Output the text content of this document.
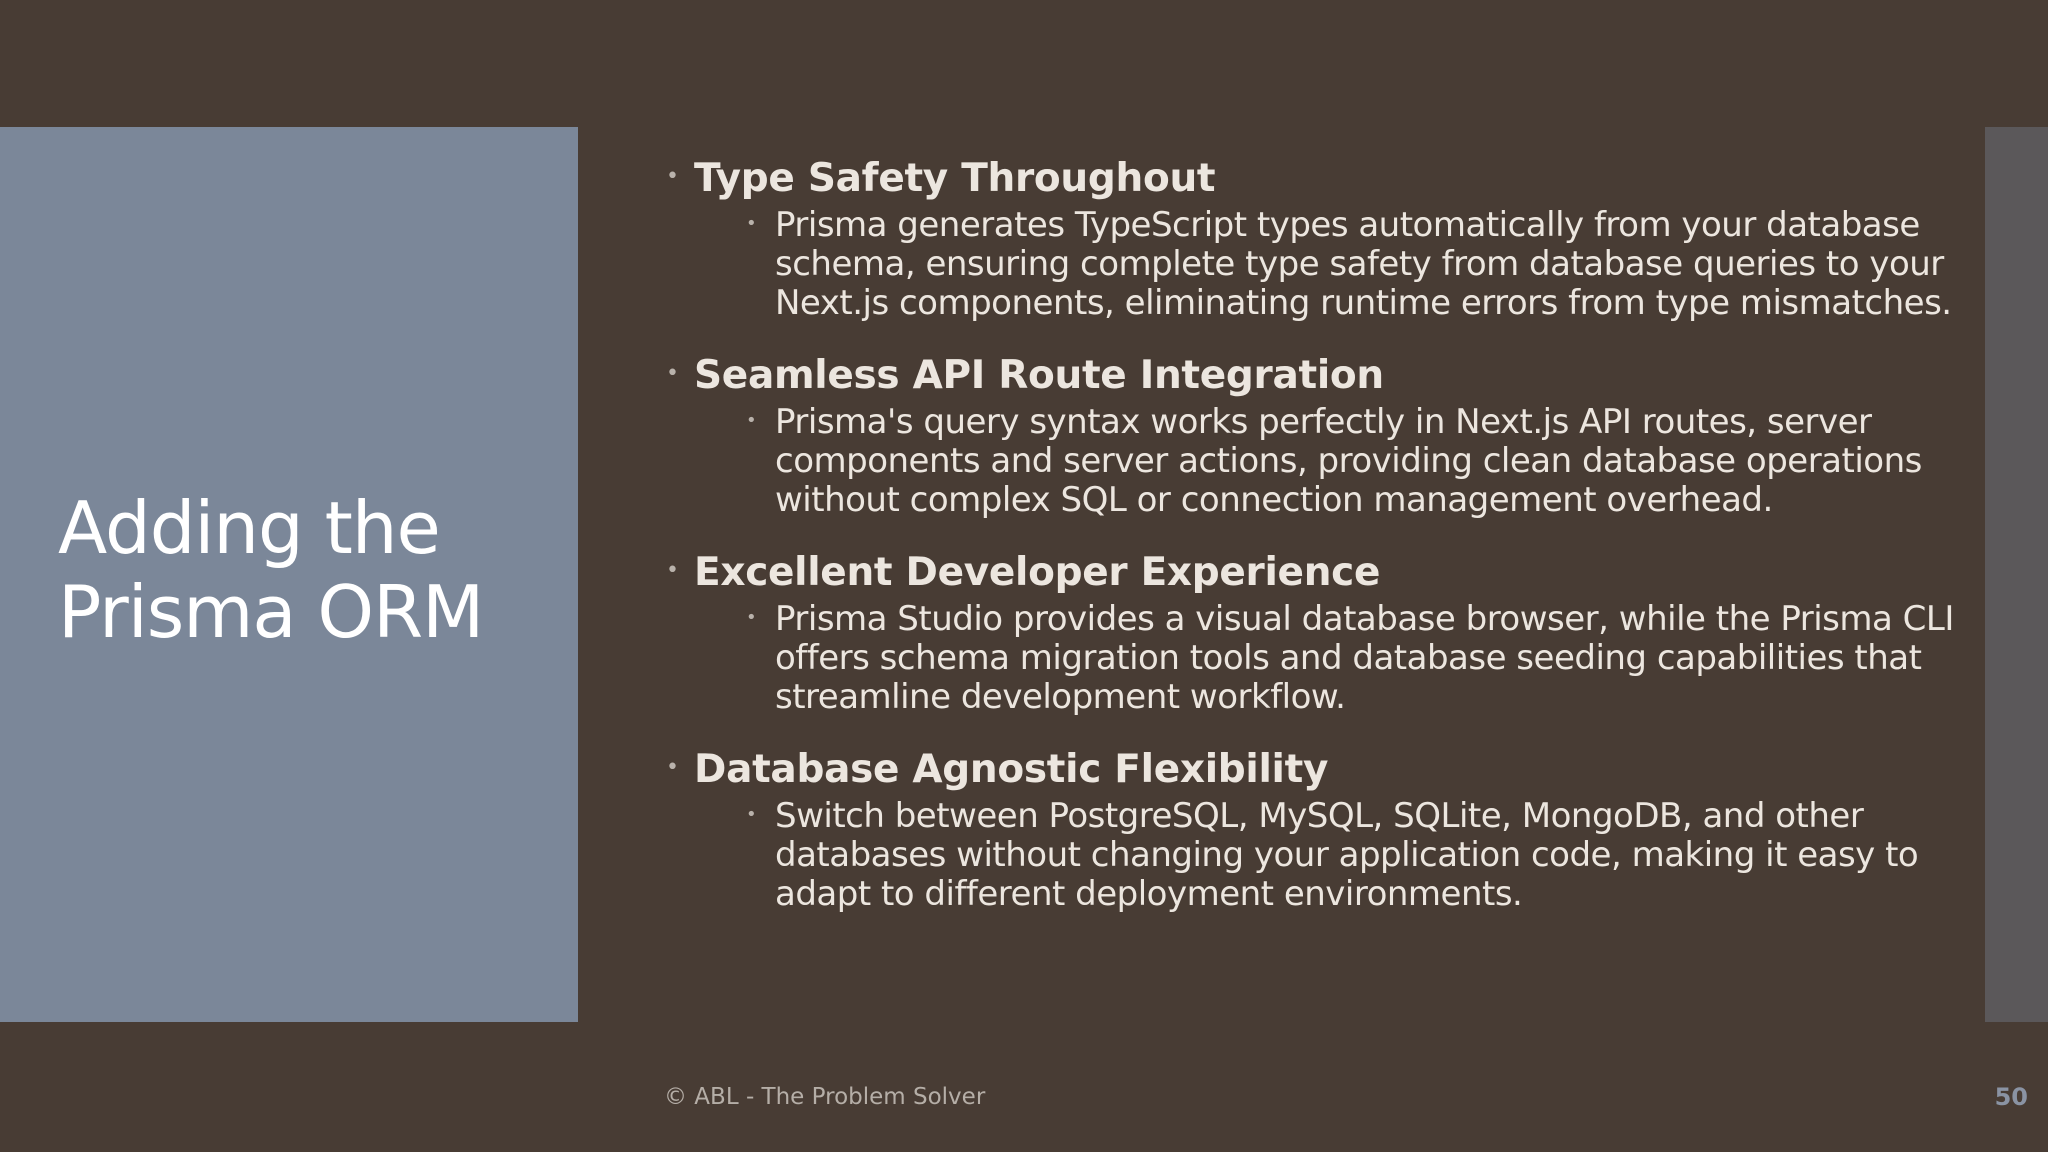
Adding the Prisma ORM
• Type Safety Throughout
• Prisma generates TypeScript types automatically from your database schema, ensuring complete type safety from database queries to your Next.js components, eliminating runtime errors from type mismatches.
• Seamless API Route Integration
• Prisma's query syntax works perfectly in Next.js API routes, server components and server actions, providing clean database operations without complex SQL or connection management overhead.
• Excellent Developer Experience
• Prisma Studio provides a visual database browser, while the Prisma CLI offers schema migration tools and database seeding capabilities that streamline development workflow.
• Database Agnostic Flexibility
• Switch between PostgreSQL, MySQL, SQLite, MongoDB, and other databases without changing your application code, making it easy to adapt to different deployment environments.
© ABL - The Problem Solver	50
